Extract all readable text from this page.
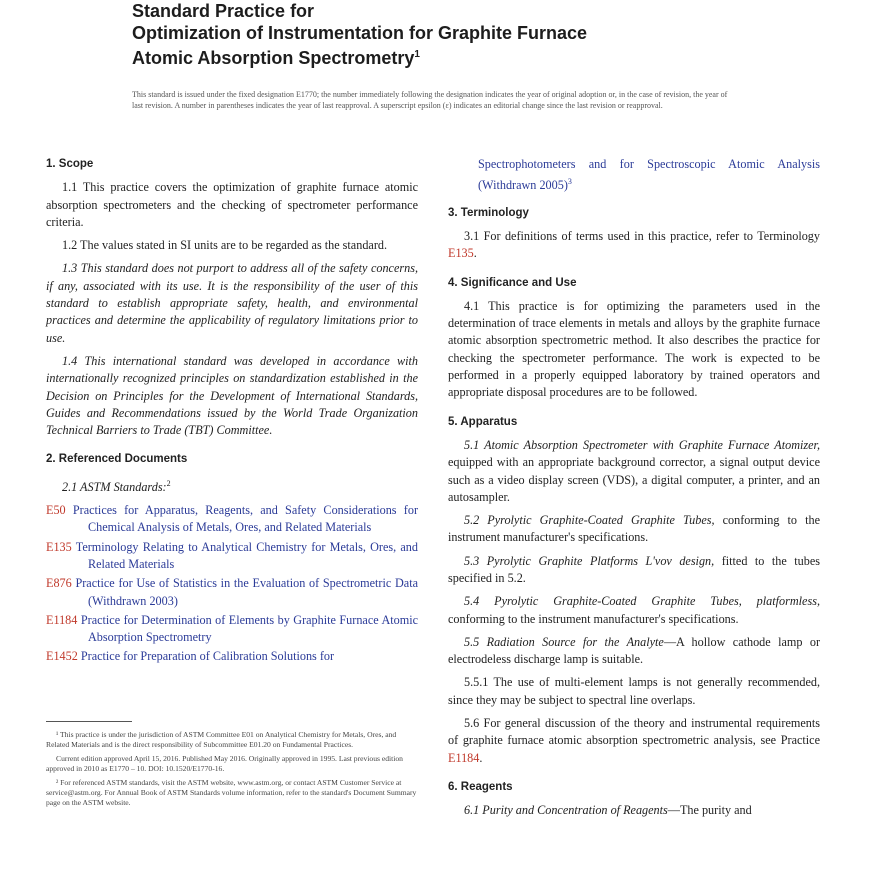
Standard Practice for
Optimization of Instrumentation for Graphite Furnace
Atomic Absorption Spectrometry$^1$
This standard is issued under the fixed designation E1770; the number immediately following the designation indicates the year of original adoption or, in the case of revision, the year of last revision. A number in parentheses indicates the year of last reapproval. A superscript epsilon (ε) indicates an editorial change since the last revision or reapproval.
1. Scope
1.1 This practice covers the optimization of graphite furnace atomic absorption spectrometers and the checking of spectrometer performance criteria.
1.2 The values stated in SI units are to be regarded as the standard.
1.3 This standard does not purport to address all of the safety concerns, if any, associated with its use. It is the responsibility of the user of this standard to establish appropriate safety, health, and environmental practices and determine the applicability of regulatory limitations prior to use.
1.4 This international standard was developed in accordance with internationally recognized principles on standardization established in the Decision on Principles for the Development of International Standards, Guides and Recommendations issued by the World Trade Organization Technical Barriers to Trade (TBT) Committee.
2. Referenced Documents
2.1 ASTM Standards:$^2$
E50 Practices for Apparatus, Reagents, and Safety Considerations for Chemical Analysis of Metals, Ores, and Related Materials
E135 Terminology Relating to Analytical Chemistry for Metals, Ores, and Related Materials
E876 Practice for Use of Statistics in the Evaluation of Spectrometric Data (Withdrawn 2003)
E1184 Practice for Determination of Elements by Graphite Furnace Atomic Absorption Spectrometry
E1452 Practice for Preparation of Calibration Solutions for

¹ This practice is under the jurisdiction of ASTM Committee E01 on Analytical Chemistry for Metals, Ores, and Related Materials and is the direct responsibility of Subcommittee E01.20 on Fundamental Practices.

Current edition approved April 15, 2016. Published May 2016. Originally approved in 1995. Last previous edition approved in 2010 as E1770 – 10. DOI: 10.1520/E1770-16.

² For referenced ASTM standards, visit the ASTM website, www.astm.org, or contact ASTM Customer Service at service@astm.org. For Annual Book of ASTM Standards volume information, refer to the standard's Document Summary page on the ASTM website.

Spectrophotometers and for Spectroscopic Atomic Analysis (Withdrawn 2005)$^3$
3. Terminology
3.1 For definitions of terms used in this practice, refer to Terminology E135.
4. Significance and Use
4.1 This practice is for optimizing the parameters used in the determination of trace elements in metals and alloys by the graphite furnace atomic absorption spectrometric method. It also describes the practice for checking the spectrometer performance. The work is expected to be performed in a properly equipped laboratory by trained operators and appropriate disposal procedures are to be followed.
5. Apparatus
5.1 Atomic Absorption Spectrometer with Graphite Furnace Atomizer, equipped with an appropriate background corrector, a signal output device such as a video display screen (VDS), a digital computer, a printer, and an autosampler.
5.2 Pyrolytic Graphite-Coated Graphite Tubes, conforming to the instrument manufacturer's specifications.
5.3 Pyrolytic Graphite Platforms L'vov design, fitted to the tubes specified in 5.2.
5.4 Pyrolytic Graphite-Coated Graphite Tubes, platformless, conforming to the instrument manufacturer's specifications.
5.5 Radiation Source for the Analyte—A hollow cathode lamp or electrodeless discharge lamp is suitable.
5.5.1 The use of multi-element lamps is not generally recommended, since they may be subject to spectral line overlaps.
5.6 For general discussion of the theory and instrumental requirements of graphite furnace atomic absorption spectrometric analysis, see Practice E1184.
6. Reagents
6.1 Purity and Concentration of Reagents—The purity and
